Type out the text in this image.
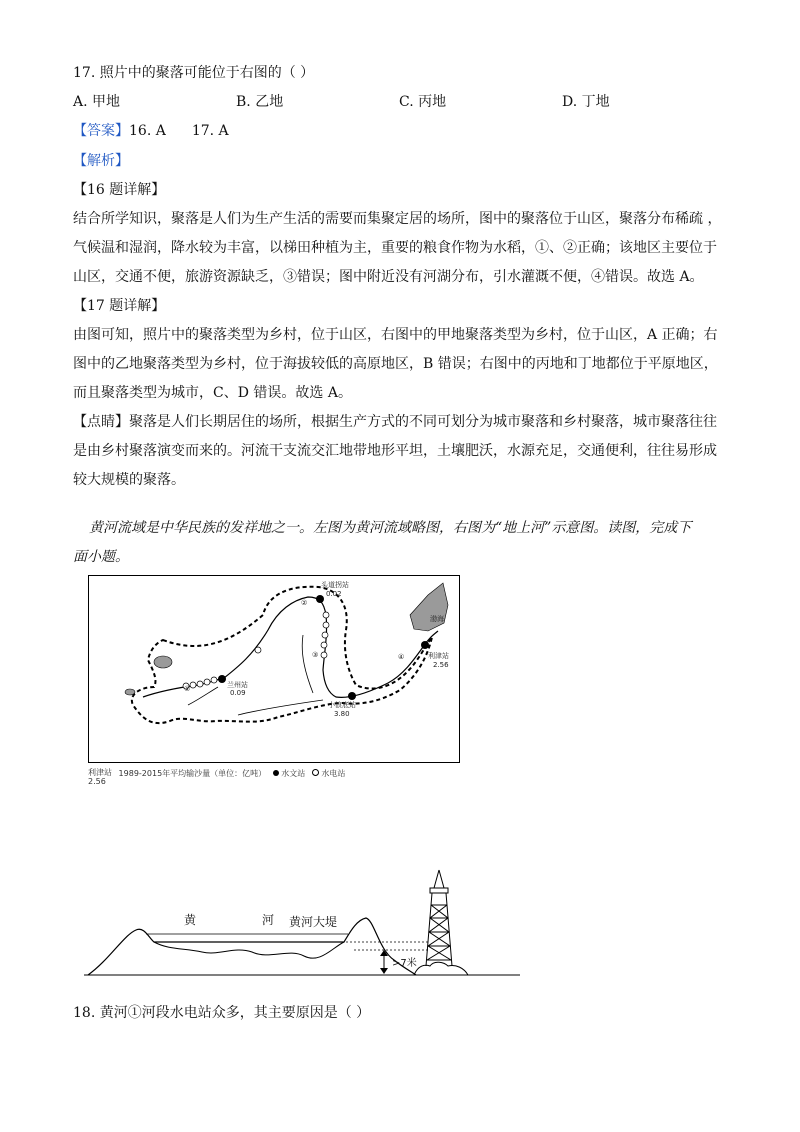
17. 照片中的聚落可能位于右图的（ ）
A. 甲地	B. 乙地	C. 丙地	D. 丁地
【答案】16. A 17. A
【解析】
【16 题详解】
结合所学知识，聚落是人们为生产生活的需要而集聚定居的场所，图中的聚落位于山区，聚落分布稀疏 ，
气候温和湿润，降水较为丰富，以梯田种植为主，重要的粮食作物为水稻，①、②正确；该地区主要位于
山区，交通不便，旅游资源缺乏，③错误；图中附近没有河湖分布，引水灌溉不便，④错误。故选 A。
【17 题详解】
由图可知，照片中的聚落类型为乡村，位于山区，右图中的甲地聚落类型为乡村，位于山区，A 正确；右
图中的乙地聚落类型为乡村，位于海拔较低的高原地区，B 错误；右图中的丙地和丁地都位于平原地区，
而且聚落类型为城市，C、D 错误。故选 A。
【点睛】聚落是人们长期居住的场所，根据生产方式的不同可划分为城市聚落和乡村聚落，城市聚落往往
是由乡村聚落演变而来的。河流干支流交汇地带地形平坦，土壤肥沃，水源充足，交通便利，往往易形成
较大规模的聚落。
黄河流域是中华民族的发祥地之一。左图为黄河流域略图，右图为“地上河”示意图。读图，完成下
面小题。
头道拐站
0.02
兰州站
0.09
小浪底站
3.80
利津站
2.56
渤海
①
②
③	④
利津站
2.56
1989-2015年平均输沙量（单位：亿吨） 水文站 水电站
黄	河 黄河大堤
>7米
18. 黄河①河段水电站众多，其主要原因是（ ）
